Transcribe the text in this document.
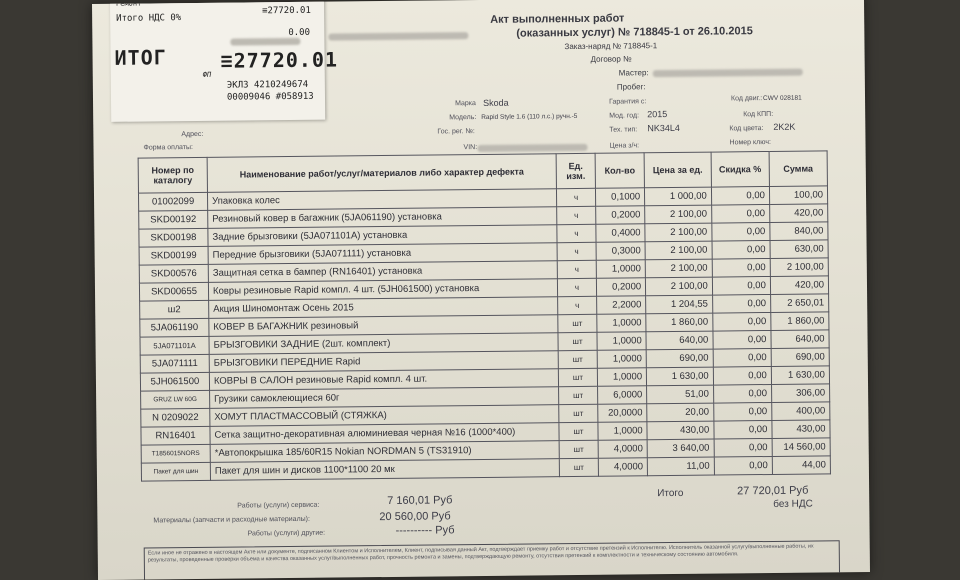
Ремонт
Итого НДС 0%
≡27720.01
0.00
ИТОГ	≡27720.01
ФП
ЭКЛЗ 4210249674
00009046 #058913
Акт выполненных работ
(оказанных услуг) № 718845-1 от 26.10.2015
Заказ-наряд № 718845-1
Договор №
Мастер:
Пробег:
Марка Skoda
Модель: Rapid Style 1.6 (110 л.с.) ручн.-5
Гос. рег. №:
VIN:
Гарантия с:
Мод. год: 2015
Тех. тип: NK34L4
Цена з/ч:
Код двиг.: CWV 028181
Код КПП:
Код цвета: 2K2K
Номер ключ:
Адрес:
Форма оплаты:
Номер по каталогу	Наименование работ/услуг/материалов либо характер дефекта	Ед. изм.	Кол-во	Цена за ед.	Скидка %	Сумма
01002099	Упаковка колес	ч	0,1000	1 000,00	0,00	100,00
SKD00192	Резиновый ковер в багажник (5JA061190) установка	ч	0,2000	2 100,00	0,00	420,00
SKD00198	Задние брызговики (5JA071101A) установка	ч	0,4000	2 100,00	0,00	840,00
SKD00199	Передние брызговики (5JA071111) установка	ч	0,3000	2 100,00	0,00	630,00
SKD00576	Защитная сетка в бампер (RN16401) установка	ч	1,0000	2 100,00	0,00	2 100,00
SKD00655	Ковры резиновые Rapid компл. 4 шт. (5JH061500) установка	ч	0,2000	2 100,00	0,00	420,00
ш2	Акция Шиномонтаж Осень 2015	ч	2,2000	1 204,55	0,00	2 650,01
5JA061190	КОВЕР В БАГАЖНИК резиновый	шт	1,0000	1 860,00	0,00	1 860,00
5JA071101A	БРЫЗГОВИКИ ЗАДНИЕ (2шт. комплект)	шт	1,0000	640,00	0,00	640,00
5JA071111	БРЫЗГОВИКИ ПЕРЕДНИЕ Rapid	шт	1,0000	690,00	0,00	690,00
5JH061500	КОВРЫ В САЛОН резиновые Rapid компл. 4 шт.	шт	1,0000	1 630,00	0,00	1 630,00
GRUZ LW 60G	Грузики самоклеющиеся 60г	шт	6,0000	51,00	0,00	306,00
N 0209022	ХОМУТ ПЛАСТМАССОВЫЙ (СТЯЖКА)	шт	20,0000	20,00	0,00	400,00
RN16401	Сетка защитно-декоративная алюминиевая черная №16 (1000*400)	шт	1,0000	430,00	0,00	430,00
T1856015NORS	*Автопокрышка 185/60R15 Nokian NORDMAN 5 (TS31910)	шт	4,0000	3 640,00	0,00	14 560,00
Пакет для шин	Пакет для шин и дисков 1100*1100 20 мк	шт	4,0000	11,00	0,00	44,00
Работы (услуги) сервиса:	7 160,01 Руб
Материалы (запчасти и расходные материалы):	20 560,00 Руб
Работы (услуги) другие:	---------- Руб
Итого	27 720,01 Руб
без НДС
Если иное не отражено в настоящем Акте или документе, подписанном Клиентом и Исполнителем, Клиент, подписывая данный Акт, подтверждает приемку работ и отсутствие претензий к Исполнителю. Исполнитель оказанной услугу/выполненные работы, их результаты, проведенные проверки объема и качества оказанных услуг/выполненных работ, прочность ремонта и замены, подтверждающую ремонту, отсутствия претензий к комплектности и техническому состоянию автомобиля.
